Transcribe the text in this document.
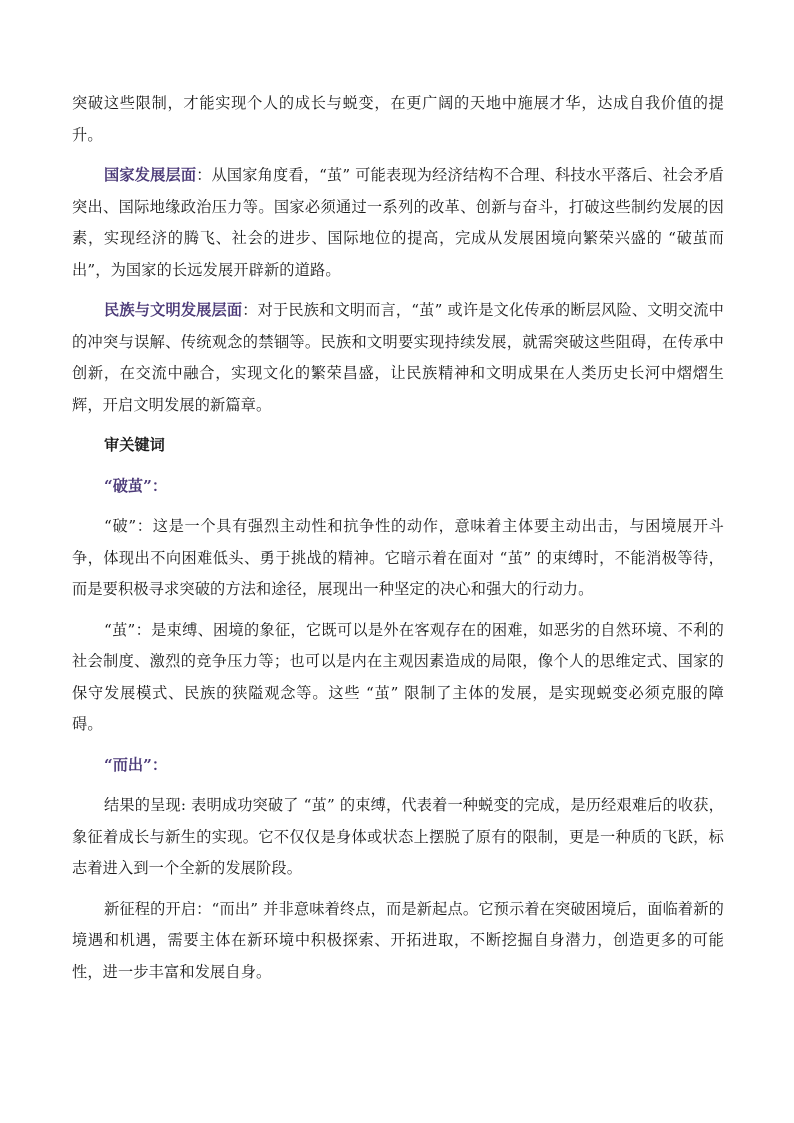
突破这些限制，才能实现个人的成长与蜕变，在更广阔的天地中施展才华，达成自我价值的提升。

国家发展层面：从国家角度看，“茧” 可能表现为经济结构不合理、科技水平落后、社会矛盾突出、国际地缘政治压力等。国家必须通过一系列的改革、创新与奋斗，打破这些制约发展的因素，实现经济的腾飞、社会的进步、国际地位的提高，完成从发展困境向繁荣兴盛的 “破茧而出”，为国家的长远发展开辟新的道路。

民族与文明发展层面：对于民族和文明而言，“茧” 或许是文化传承的断层风险、文明交流中的冲突与误解、传统观念的禁锢等。民族和文明要实现持续发展，就需突破这些阻碍，在传承中创新，在交流中融合，实现文化的繁荣昌盛，让民族精神和文明成果在人类历史长河中熠熠生辉，开启文明发展的新篇章。

审关键词
“破茧”：

“破”：这是一个具有强烈主动性和抗争性的动作，意味着主体要主动出击，与困境展开斗争，体现出不向困难低头、勇于挑战的精神。它暗示着在面对 “茧” 的束缚时，不能消极等待，而是要积极寻求突破的方法和途径，展现出一种坚定的决心和强大的行动力。

“茧”：是束缚、困境的象征，它既可以是外在客观存在的困难，如恶劣的自然环境、不利的社会制度、激烈的竞争压力等；也可以是内在主观因素造成的局限，像个人的思维定式、国家的保守发展模式、民族的狭隘观念等。这些 “茧” 限制了主体的发展，是实现蜕变必须克服的障碍。

“而出”：

结果的呈现: 表明成功突破了 “茧” 的束缚，代表着一种蜕变的完成，是历经艰难后的收获，象征着成长与新生的实现。它不仅仅是身体或状态上摆脱了原有的限制，更是一种质的飞跃，标志着进入到一个全新的发展阶段。

新征程的开启：“而出” 并非意味着终点，而是新起点。它预示着在突破困境后，面临着新的境遇和机遇，需要主体在新环境中积极探索、开拓进取，不断挖掘自身潜力，创造更多的可能性，进一步丰富和发展自身。
